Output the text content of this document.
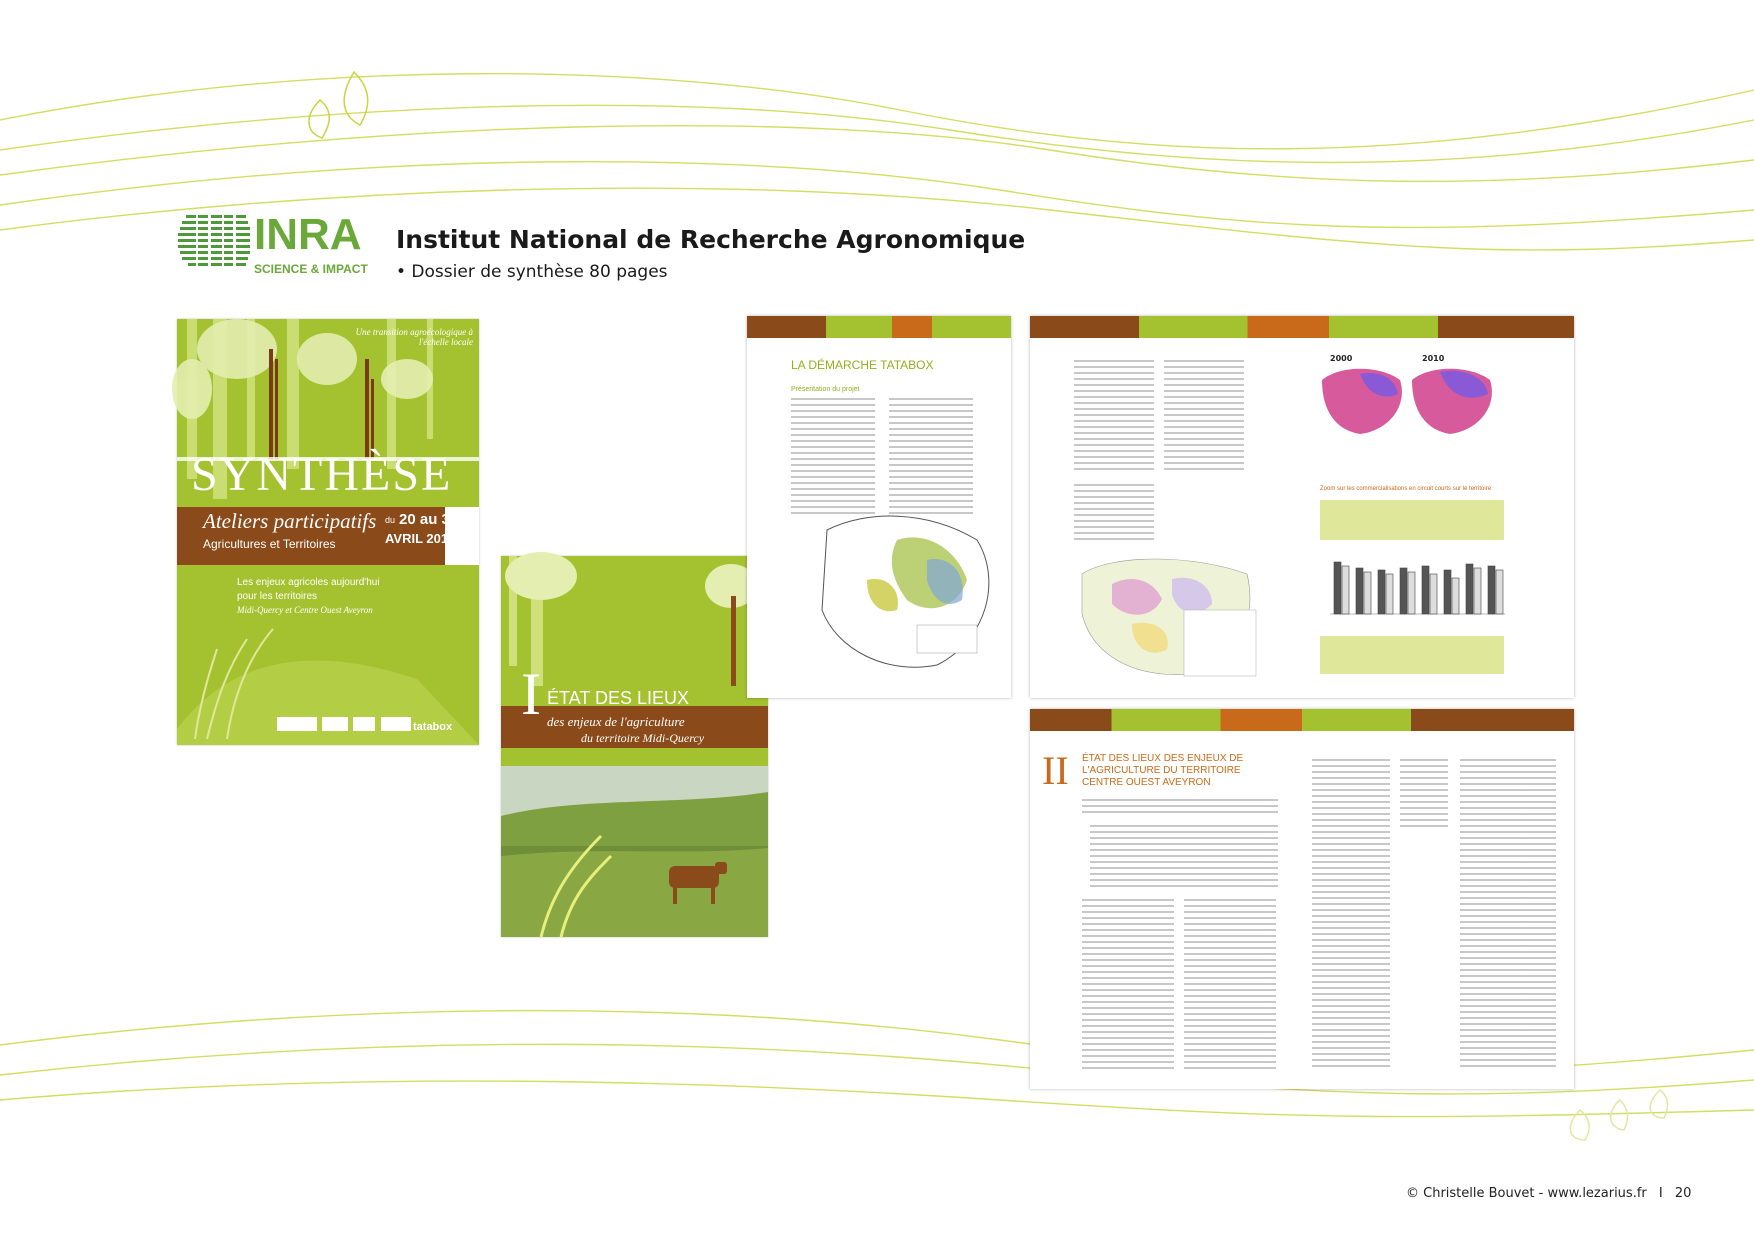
INRA
SCIENCE & IMPACT
Institut National de Recherche Agronomique
• Dossier de synthèse 80 pages
Une transition agroécologique à l'échelle locale
SYNTHÈSE
Ateliers participatifs
Agricultures et Territoires
du 20 au 30
AVRIL 2015
Les enjeux agricoles aujourd'hui
pour les territoires
Midi-Quercy et Centre Ouest Aveyron
tatabox I ÉTAT DES LIEUX
des enjeux de l'agriculture
du territoire Midi-Quercy
LA DÉMARCHE TATABOX
Présentation du projet
2000	2010
Zoom sur les commercialisations en circuit courts sur le territoire
II ÉTAT DES LIEUX DES ENJEUX DE L'AGRICULTURE DU TERRITOIRE CENTRE OUEST AVEYRON
© Christelle Bouvet - www.lezarius.fr I 20
